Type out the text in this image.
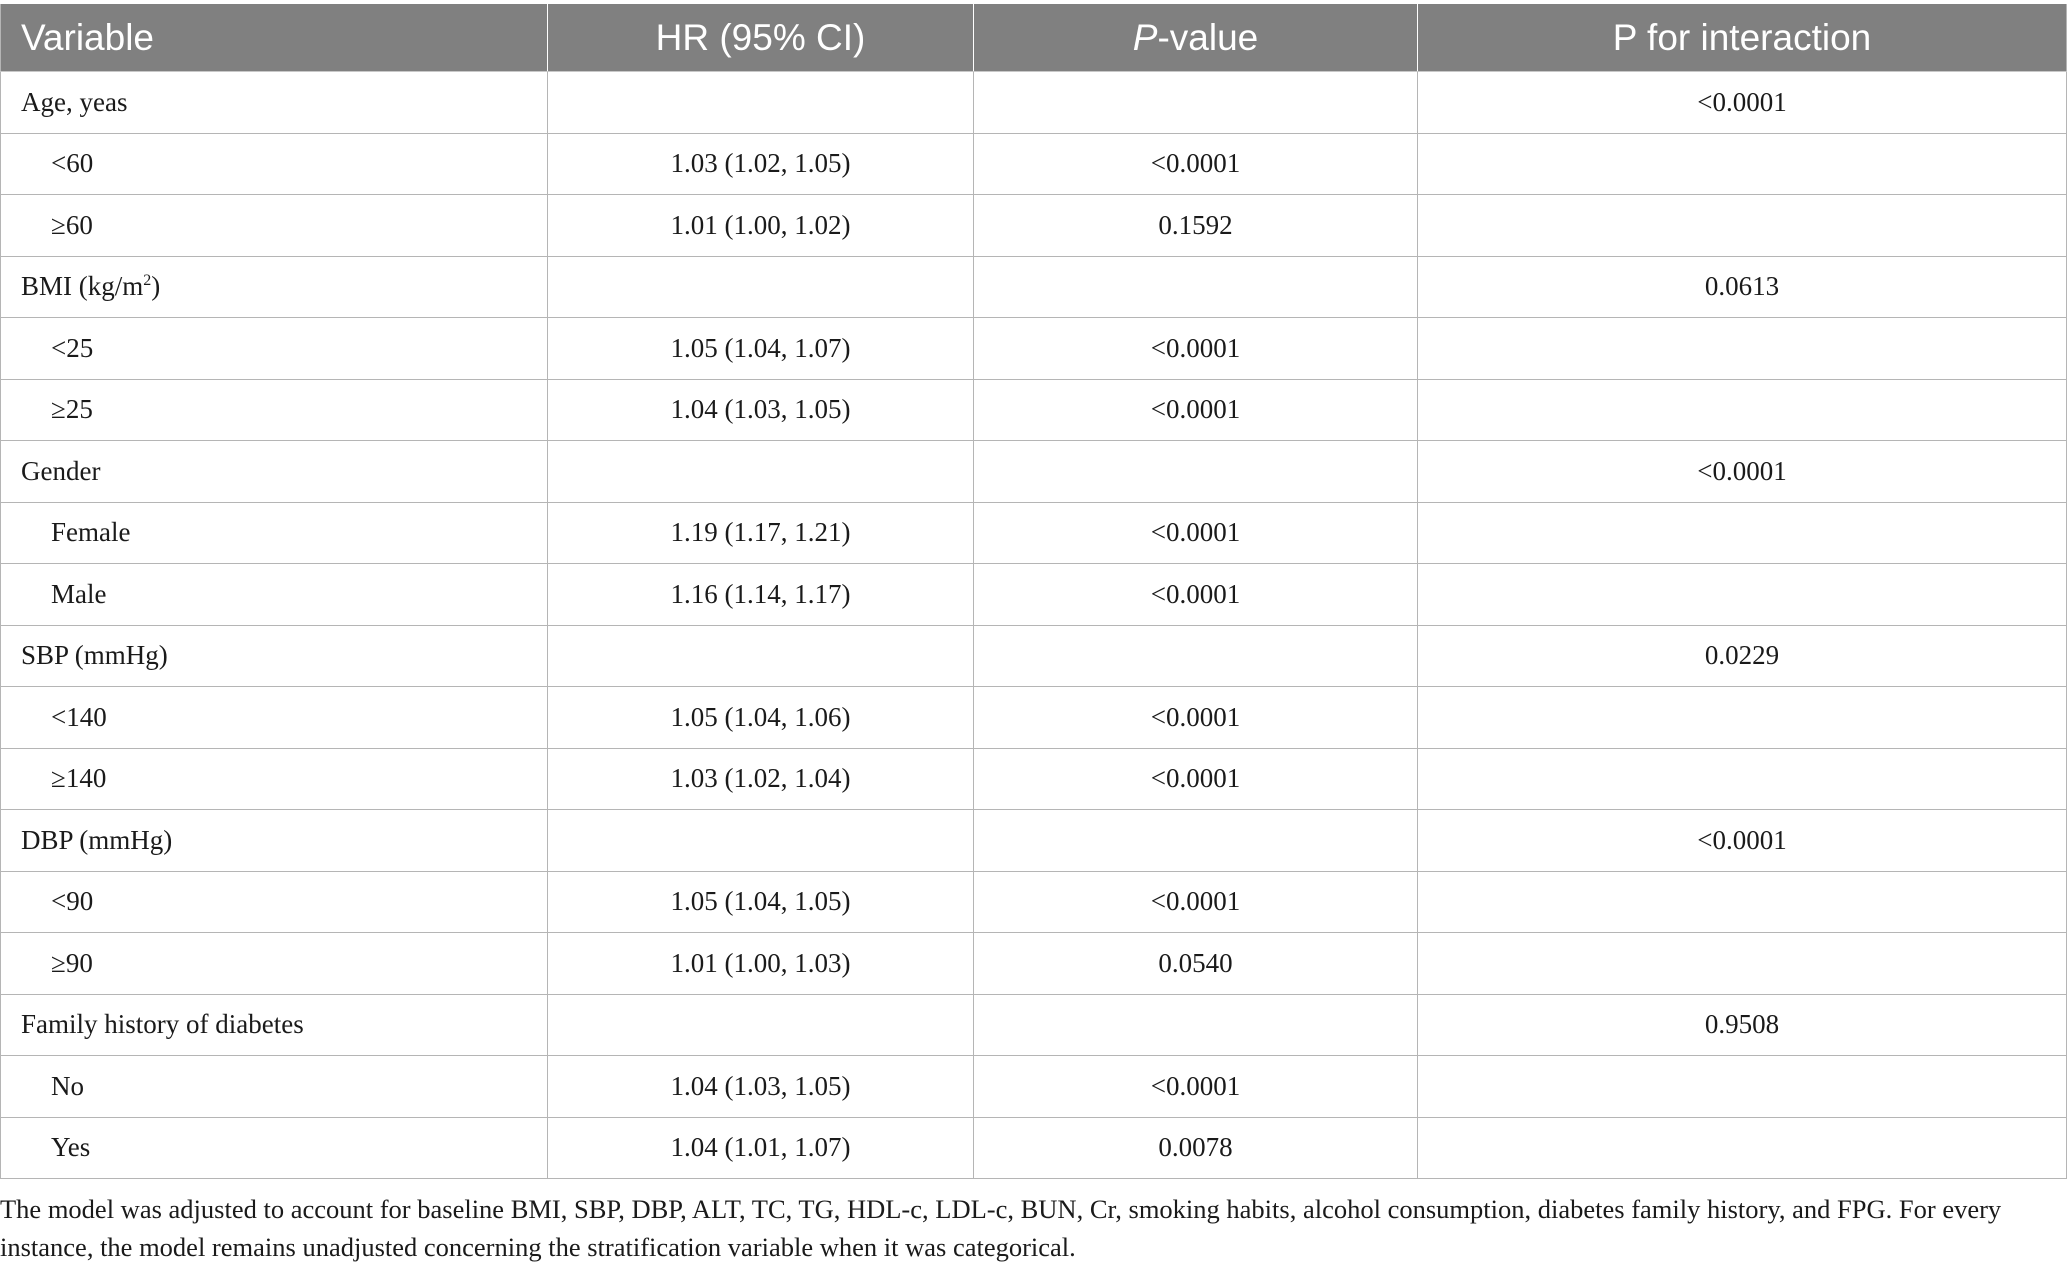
Variable	HR (95% CI)	P-value	P for interaction
Age, yeas			<0.0001
<60	1.03 (1.02, 1.05)	<0.0001	
≥60	1.01 (1.00, 1.02)	0.1592	
BMI $(kg/m^2)$			0.0613
<25	1.05 (1.04, 1.07)	<0.0001	
≥25	1.04 (1.03, 1.05)	<0.0001	
Gender			<0.0001
Female	1.19 (1.17, 1.21)	<0.0001	
Male	1.16 (1.14, 1.17)	<0.0001	
SBP (mmHg)			0.0229
<140	1.05 (1.04, 1.06)	<0.0001	
≥140	1.03 (1.02, 1.04)	<0.0001	
DBP (mmHg)			<0.0001
<90	1.05 (1.04, 1.05)	<0.0001	
≥90	1.01 (1.00, 1.03)	0.0540	
Family history of diabetes			0.9508
No	1.04 (1.03, 1.05)	<0.0001	
Yes	1.04 (1.01, 1.07)	0.0078	
The model was adjusted to account for baseline BMI, SBP, DBP, ALT, TC, TG, HDL-c, LDL-c, BUN, Cr, smoking habits, alcohol consumption, diabetes family history, and FPG. For every instance, the model remains unadjusted concerning the stratification variable when it was categorical.
